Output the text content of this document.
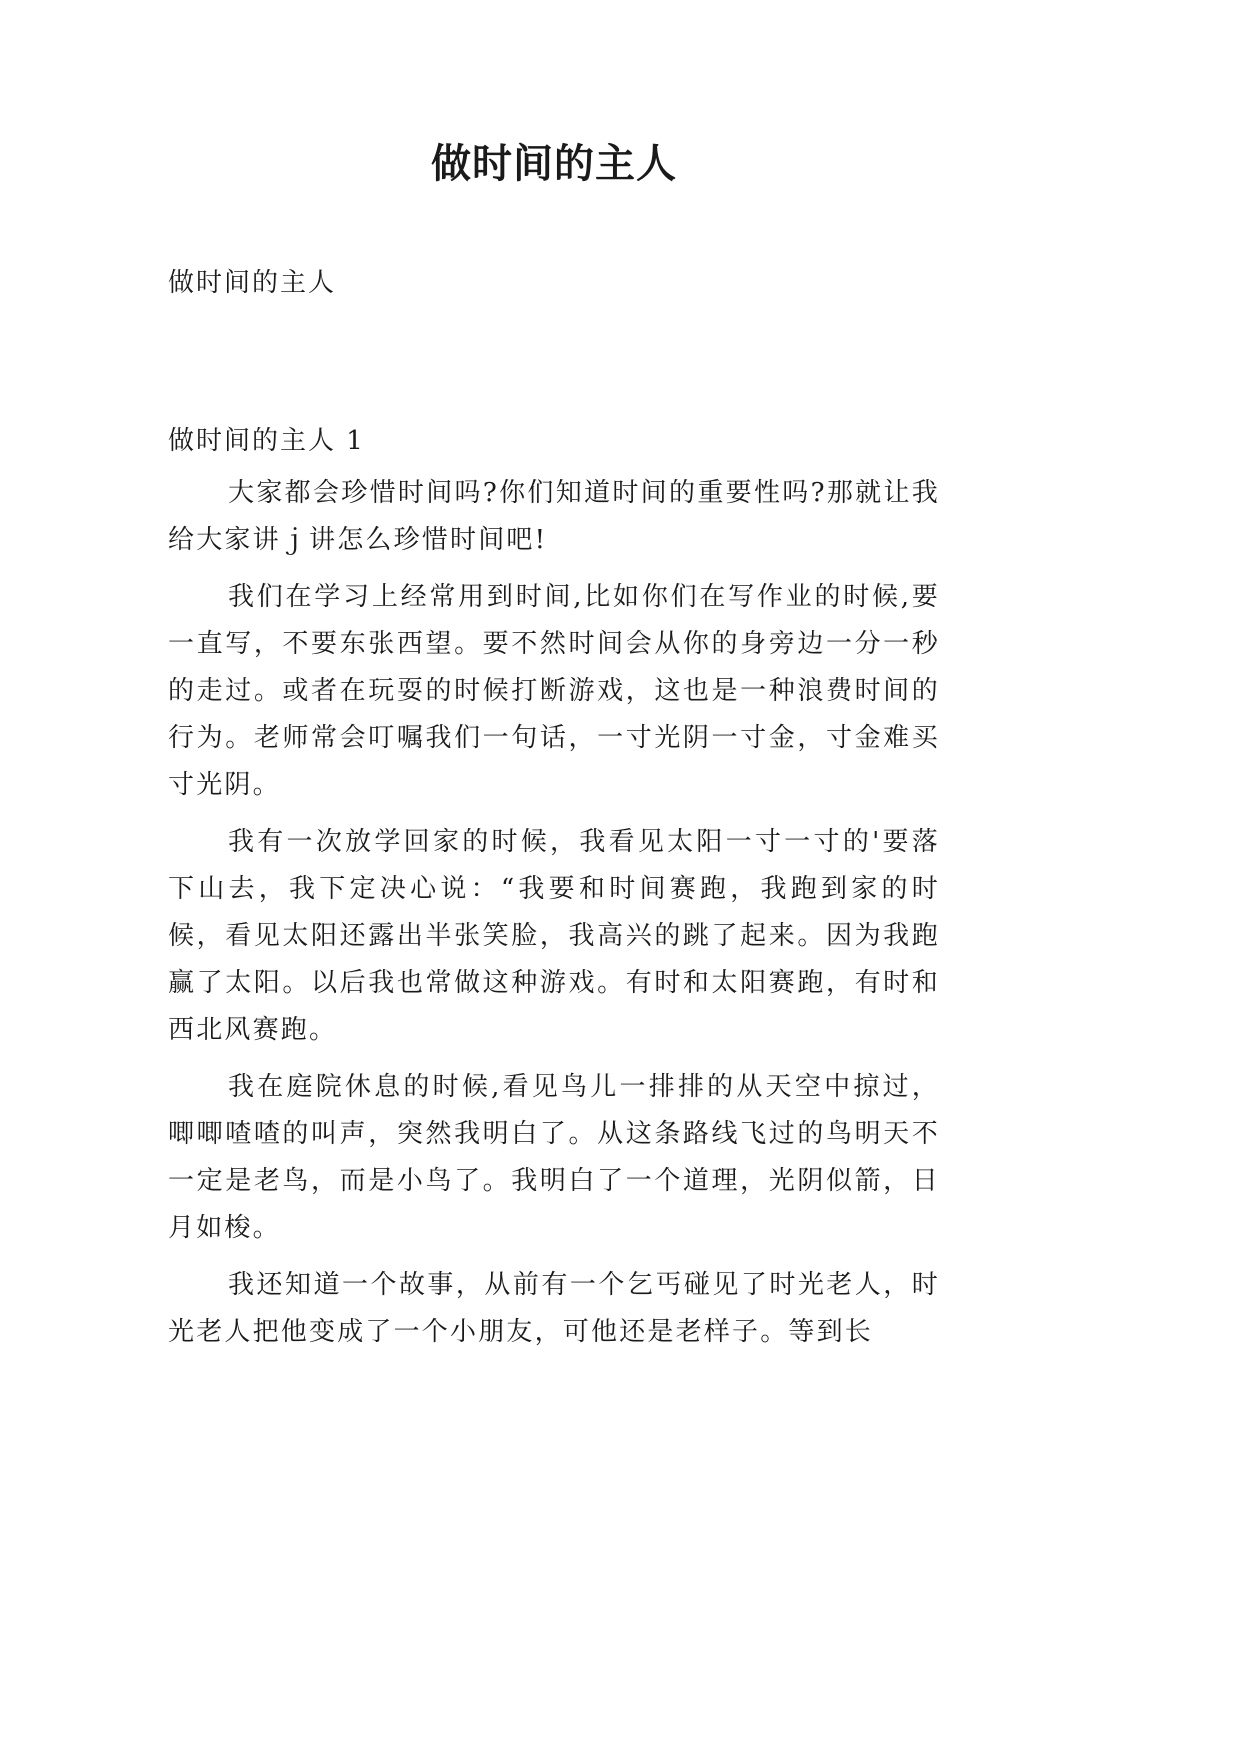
做时间的主人
做时间的主人
做时间的主人 1

大家都会珍惜时间吗?你们知道时间的重要性吗?那就让我给大家讲ｊ讲怎么珍惜时间吧!

我们在学习上经常用到时间,比如你们在写作业的时候,要一直写，不要东张西望。要不然时间会从你的身旁边一分一秒的走过。或者在玩耍的时候打断游戏，这也是一种浪费时间的行为。老师常会叮嘱我们一句话，一寸光阴一寸金，寸金难买寸光阴。

我有一次放学回家的时候，我看见太阳一寸一寸的'要落下山去，我下定决心说：“我要和时间赛跑，我跑到家的时候，看见太阳还露出半张笑脸，我高兴的跳了起来。因为我跑赢了太阳。以后我也常做这种游戏。有时和太阳赛跑，有时和西北风赛跑。

我在庭院休息的时候,看见鸟儿一排排的从天空中掠过，唧唧喳喳的叫声，突然我明白了。从这条路线飞过的鸟明天不一定是老鸟，而是小鸟了。我明白了一个道理，光阴似箭，日月如梭。

我还知道一个故事，从前有一个乞丐碰见了时光老人，时光老人把他变成了一个小朋友，可他还是老样子。等到长
